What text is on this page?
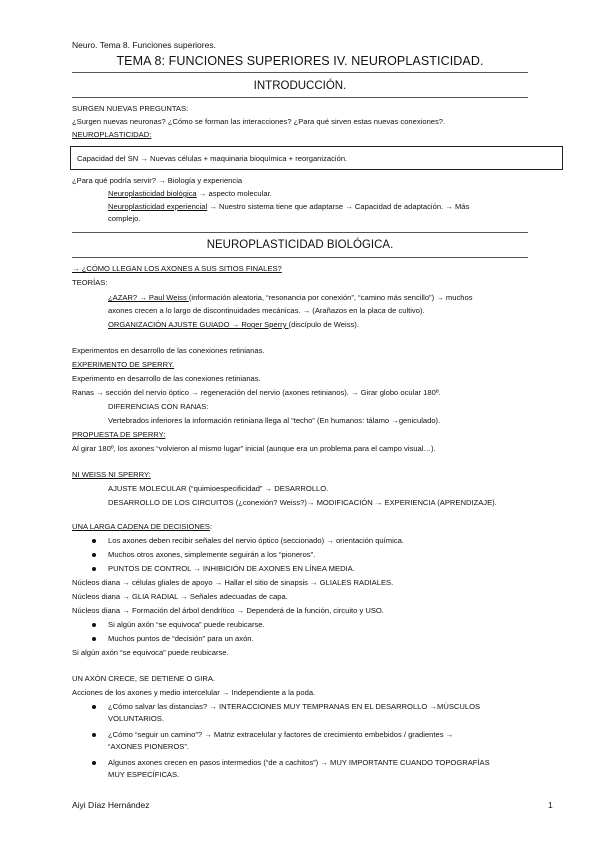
Neuro. Tema 8. Funciones superiores.
TEMA 8: FUNCIONES SUPERIORES IV. NEUROPLASTICIDAD.
INTRODUCCIÓN.
SURGEN NUEVAS PREGUNTAS:
¿Surgen nuevas neuronas? ¿Cómo se forman las interacciones? ¿Para qué sirven estas nuevas conexiones?.
NEUROPLASTICIDAD:
Capacidad del SN → Nuevas células + maquinaria bioquímica + reorganización.
¿Para qué podría servir? → Biología y experiencia
Neuroplasticidad biológica → aspecto molecular.
Neuroplasticidad experiencial → Nuestro sistema tiene que adaptarse → Capacidad de adaptación. → Más
complejo.
NEUROPLASTICIDAD BIOLÓGICA.
→ ¿CÓMO LLEGAN LOS AXONES A SUS SITIOS FINALES?
TEORÍAS:
¿AZAR? → Paul Weiss (información aleatoria, “resonancia por conexión”, “camino más sencillo”) → muchos
axones crecen a lo largo de discontinuidades mecánicas. → (Arañazos en la placa de cultivo).
ORGANIZACIÓN AJUSTE GUIADO → Roger Sperry (discípulo de Weiss).
Experimentos en desarrollo de las conexiones retinianas.
EXPERIMENTO DE SPERRY.
Experimento en desarrollo de las conexiones retinianas.
Ranas → sección del nervio óptico → regeneración del nervio (axones retinianos). → Girar globo ocular 180º.
DIFERENCIAS CON RANAS:
Vertebrados inferiores la información retiniana llega al “techo” (En humanos: tálamo →geniculado).
PROPUESTA DE SPERRY:
Al girar 180º, los axones “volvieron al mismo lugar” inicial (aunque era un problema para el campo visual…).
NI WEISS NI SPERRY:
AJUSTE MOLECULAR (“quimioespecificidad” → DESARROLLO.
DESARROLLO DE LOS CIRCUITOS (¿conexión? Weiss?)→ MODIFICACIÓN → EXPERIENCIA (APRENDIZAJE).
UNA LARGA CADENA DE DECISIONES:
Los axones deben recibir señales del nervio óptico (seccionado) → orientación química.
Muchos otros axones, simplemente seguirán a los “pioneros”.
PUNTOS DE CONTROL → INHIBICIÓN DE AXONES EN LÍNEA MEDIA.
Núcleos diana → células gliales de apoyo → Hallar el sitio de sinapsis → GLIALES RADIALES.
Núcleos diana → GLIA RADIAL → Señales adecuadas de capa.
Núcleos diana → Formación del árbol dendrítico → Dependerá de la función, circuito y USO.
Si algún axón “se equivoca” puede reubicarse.
Muchos puntos de “decisión” para un axón.
Si algún axón “se equivoca” puede reubicarse.
UN AXÓN CRECE, SE DETIENE O GIRA.
Acciones de los axones y medio intercelular → Independiente a la poda.
¿Cómo salvar las distancias? → INTERACCIONES MUY TEMPRANAS EN EL DESARROLLO →MÚSCULOS
VOLUNTARIOS.
¿Cómo “seguir un camino”? → Matriz extracelular y factores de crecimiento embebidos / gradientes →
“AXONES PIONEROS”.
Algunos axones crecen en pasos intermedios (“de a cachitos”) → MUY IMPORTANTE CUANDO TOPOGRAFÍAS
MUY ESPECÍFICAS.
Aiyi Díaz Hernández	1
